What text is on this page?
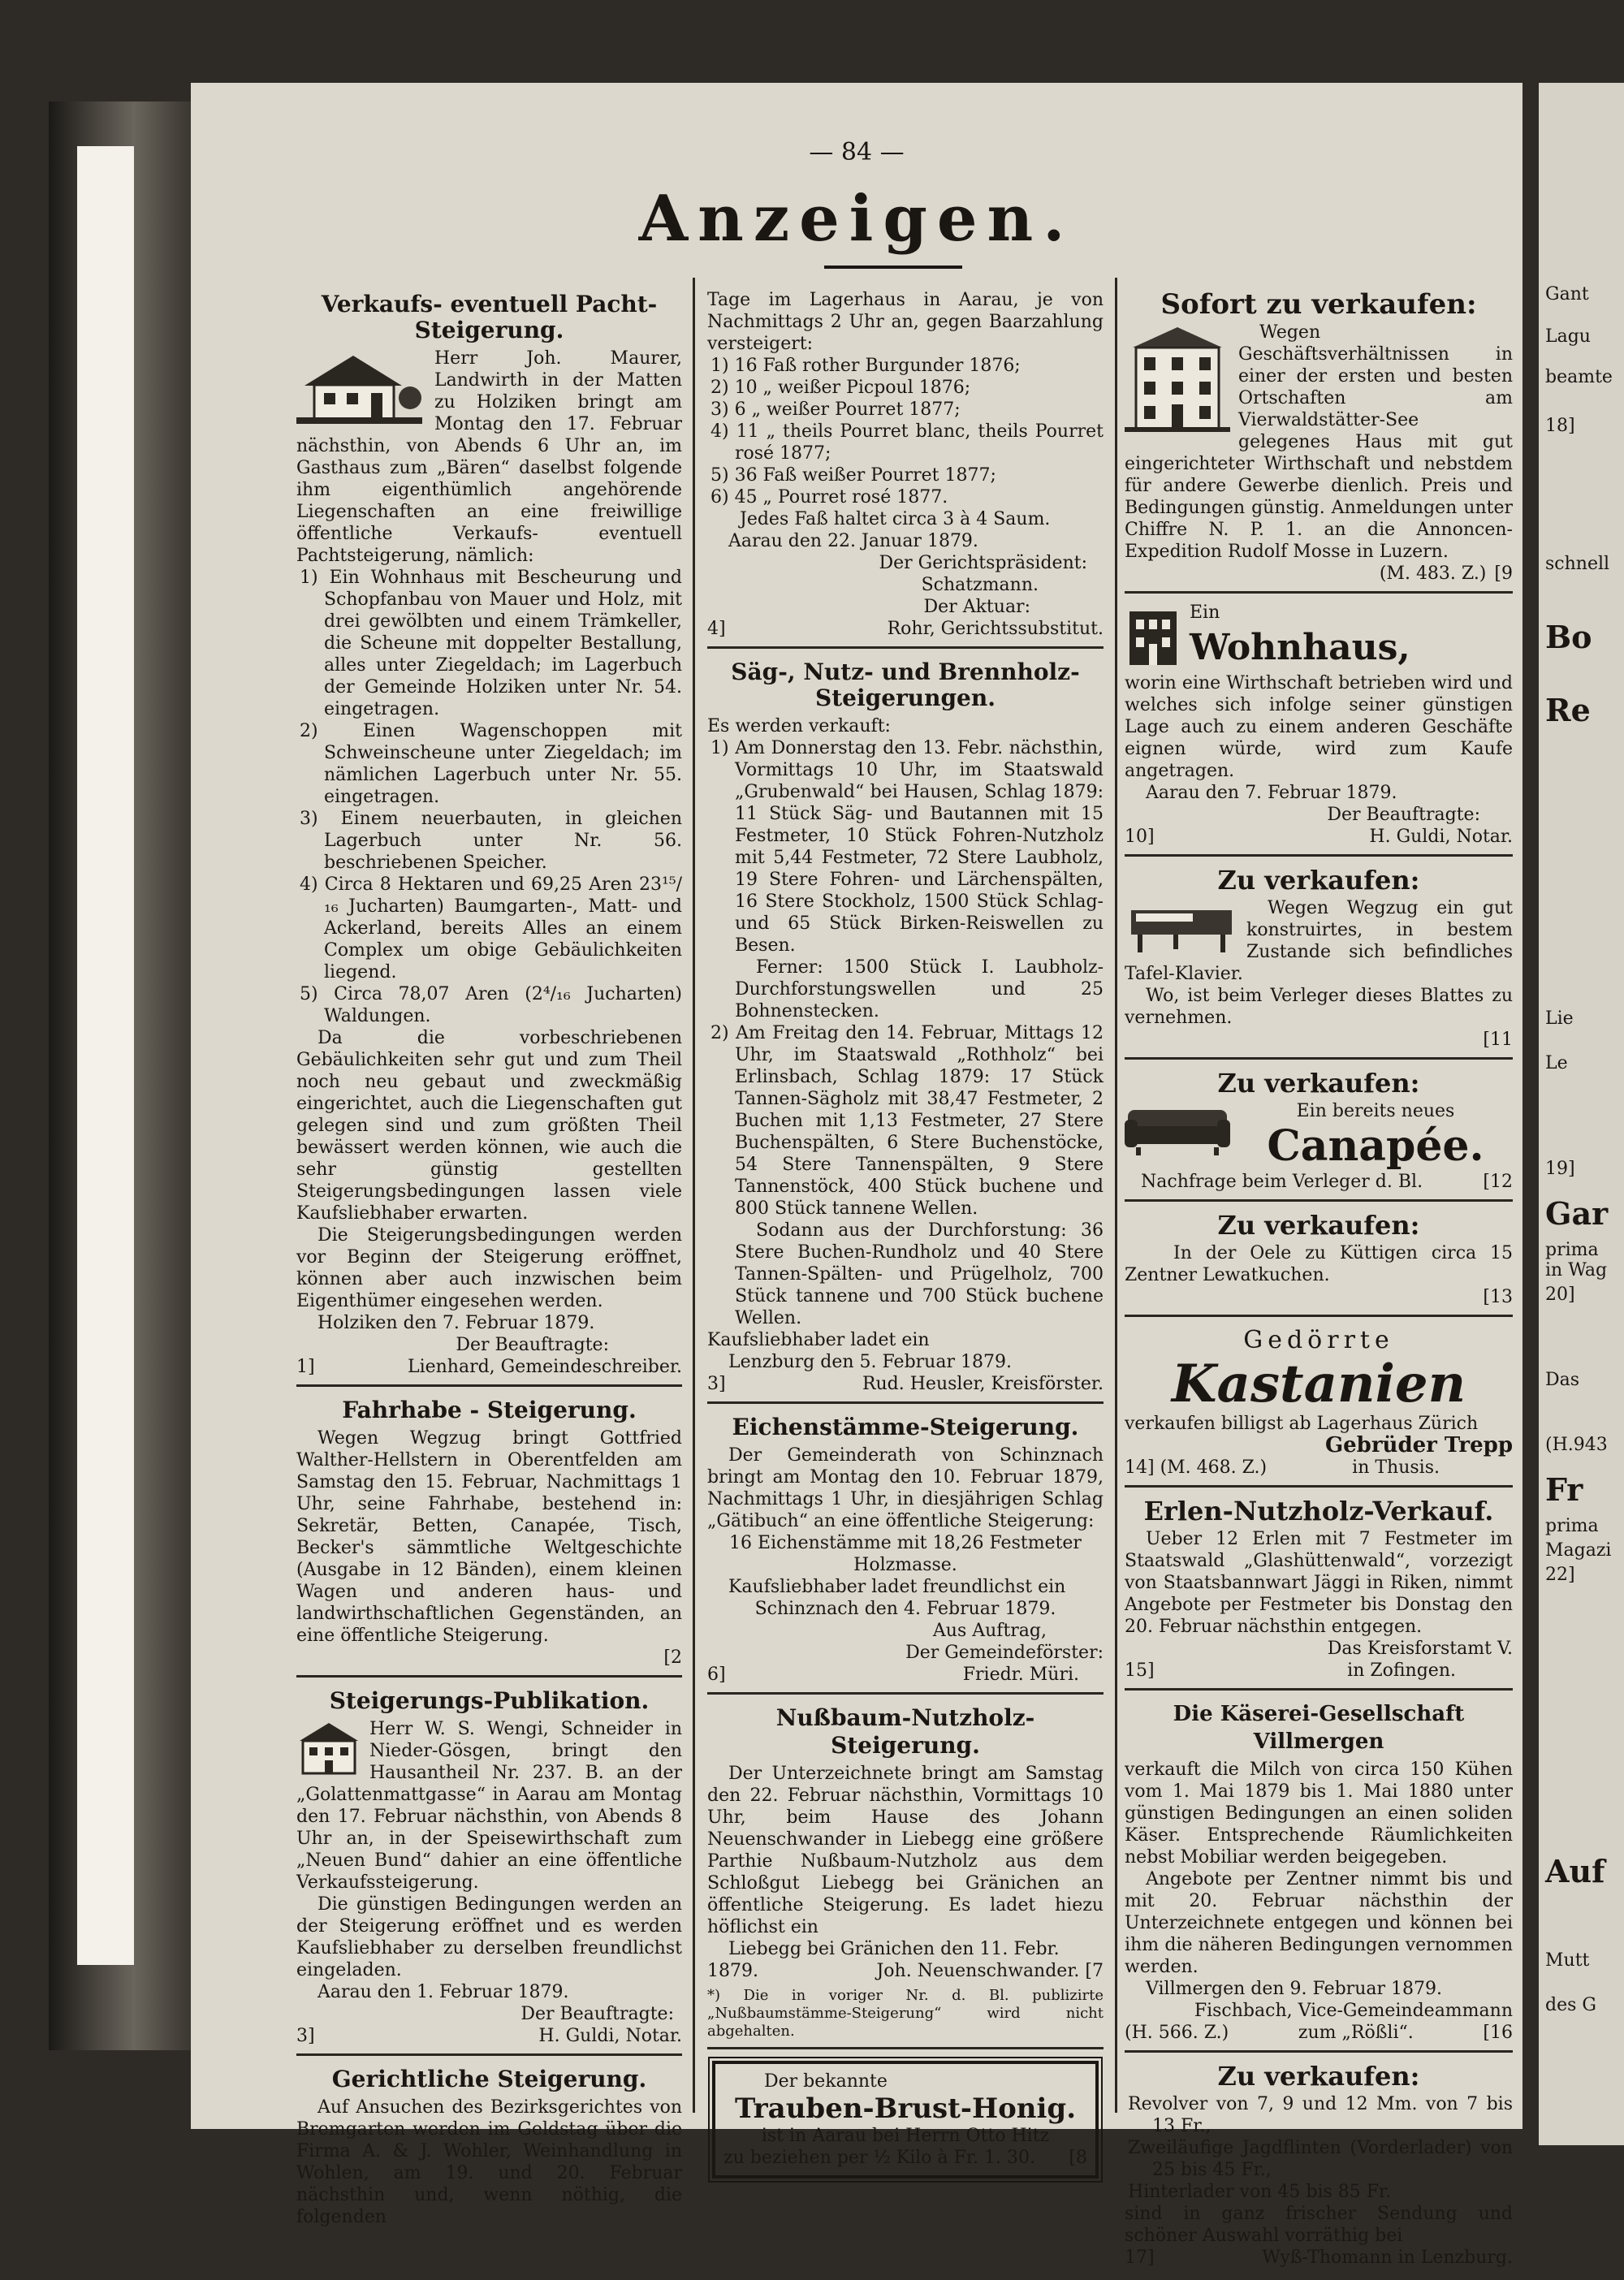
— 84 —
Anzeigen.
Verkaufs- eventuell Pacht-
Steigerung.

Herr Joh. Maurer, Landwirth in der Matten zu Holziken bringt am Montag den 17. Februar nächsthin, von Abends 6 Uhr an, im Gasthaus zum „Bären“ daselbst folgende ihm eigenthümlich angehörende Liegenschaften an eine freiwillige öffentliche Verkaufs- eventuell Pachtsteigerung, nämlich:

1) Ein Wohnhaus mit Bescheurung und Schopfanbau von Mauer und Holz, mit drei gewölbten und einem Trämkeller, die Scheune mit doppelter Bestallung, alles unter Ziegeldach; im Lagerbuch der Gemeinde Holziken unter Nr. 54. eingetragen.

2) Einen Wagenschoppen mit Schweinscheune unter Ziegeldach; im nämlichen Lagerbuch unter Nr. 55. eingetragen.

3) Einem neuerbauten, in gleichen Lagerbuch unter Nr. 56. beschriebenen Speicher.

4) Circa 8 Hektaren und 69,25 Aren 23¹⁵/₁₆ Jucharten) Baumgarten-, Matt- und Ackerland, bereits Alles an einem Complex um obige Gebäulichkeiten liegend.

5) Circa 78,07 Aren (2⁴/₁₆ Jucharten) Waldungen.

Da die vorbeschriebenen Gebäulichkeiten sehr gut und zum Theil noch neu gebaut und zweckmäßig eingerichtet, auch die Liegenschaften gut gelegen sind und zum größten Theil bewässert werden können, wie auch die sehr günstig gestellten Steigerungsbedingungen lassen viele Kaufsliebhaber erwarten.

Die Steigerungsbedingungen werden vor Beginn der Steigerung eröffnet, können aber auch inzwischen beim Eigenthümer eingesehen werden.

Holziken den 7. Februar 1879.

Der Beauftragte:

1]	Lienhard, Gemeindeschreiber.

Fahrhabe - Steigerung.

Wegen Wegzug bringt Gottfried Walther-Hellstern in Oberentfelden am Samstag den 15. Februar, Nachmittags 1 Uhr, seine Fahrhabe, bestehend in: Sekretär, Betten, Canapée, Tisch, Becker's sämmtliche Weltgeschichte (Ausgabe in 12 Bänden), einem kleinen Wagen und anderen haus- und landwirthschaftlichen Gegenständen, an eine öffentliche Steigerung.

[2

Steigerungs-Publikation.

Herr W. S. Wengi, Schneider in Nieder-Gösgen, bringt den Hausantheil Nr. 237. B. an der „Golattenmattgasse“ in Aarau am Montag den 17. Februar nächsthin, von Abends 8 Uhr an, in der Speisewirthschaft zum „Neuen Bund“ dahier an eine öffentliche Verkaufssteigerung.

Die günstigen Bedingungen werden an der Steigerung eröffnet und es werden Kaufsliebhaber zu derselben freundlichst eingeladen.

Aarau den 1. Februar 1879.

Der Beauftragte:

3]	H. Guldi, Notar.

Gerichtliche Steigerung.

Auf Ansuchen des Bezirksgerichtes von Bremgarten werden im Geldstag über die Firma A. & J. Wohler, Weinhandlung in Wohlen, am 19. und 20. Februar nächsthin und, wenn nöthig, die folgenden

Tage im Lagerhaus in Aarau, je von Nachmittags 2 Uhr an, gegen Baarzahlung versteigert:

1) 16 Faß rother Burgunder 1876;

2) 10 „ weißer Picpoul 1876;

3) 6 „ weißer Pourret 1877;

4) 11 „ theils Pourret blanc, theils Pourret rosé 1877;

5) 36 Faß weißer Pourret 1877;

6) 45 „ Pourret rosé 1877.

Jedes Faß haltet circa 3 à 4 Saum.

Aarau den 22. Januar 1879.

Der Gerichtspräsident:

Schatzmann.

Der Aktuar:

4]	Rohr, Gerichtssubstitut.

Säg-, Nutz- und Brennholz-
Steigerungen.

Es werden verkauft:

1) Am Donnerstag den 13. Febr. nächsthin, Vormittags 10 Uhr, im Staatswald „Grubenwald“ bei Hausen, Schlag 1879: 11 Stück Säg- und Bautannen mit 15 Festmeter, 10 Stück Fohren-Nutzholz mit 5,44 Festmeter, 72 Stere Laubholz, 19 Stere Fohren- und Lärchenspälten, 16 Stere Stockholz, 1500 Stück Schlag- und 65 Stück Birken-Reiswellen zu Besen.

Ferner: 1500 Stück I. Laubholz-Durchforstungswellen und 25 Bohnenstecken.

2) Am Freitag den 14. Februar, Mittags 12 Uhr, im Staatswald „Rothholz“ bei Erlinsbach, Schlag 1879: 17 Stück Tannen-Sägholz mit 38,47 Festmeter, 2 Buchen mit 1,13 Festmeter, 27 Stere Buchenspälten, 6 Stere Buchenstöcke, 54 Stere Tannenspälten, 9 Stere Tannenstöck, 400 Stück buchene und 800 Stück tannene Wellen.

Sodann aus der Durchforstung: 36 Stere Buchen-Rundholz und 40 Stere Tannen-Spälten- und Prügelholz, 700 Stück tannene und 700 Stück buchene Wellen.

Kaufsliebhaber ladet ein

Lenzburg den 5. Februar 1879.

3]	Rud. Heusler, Kreisförster.

Eichenstämme-Steigerung.

Der Gemeinderath von Schinznach bringt am Montag den 10. Februar 1879, Nachmittags 1 Uhr, in diesjährigen Schlag „Gätibuch“ an eine öffentliche Steigerung:

16 Eichenstämme mit 18,26 Festmeter Holzmasse.

Kaufsliebhaber ladet freundlichst ein

Schinznach den 4. Februar 1879.

Aus Auftrag,

Der Gemeindeförster:

6]	Friedr. Müri.

Nußbaum-Nutzholz-Steigerung.

Der Unterzeichnete bringt am Samstag den 22. Februar nächsthin, Vormittags 10 Uhr, beim Hause des Johann Neuenschwander in Liebegg eine größere Parthie Nußbaum-Nutzholz aus dem Schloßgut Liebegg bei Gränichen an öffentliche Steigerung. Es ladet hiezu höflichst ein

Liebegg bei Gränichen den 11. Febr.

1879.	Joh. Neuenschwander. [7

*) Die in voriger Nr. d. Bl. publizirte „Nußbaumstämme-Steigerung“ wird nicht abgehalten.

Der bekannte

Trauben-Brust-Honig.

ist in Aarau bei Herrn Otto Hitz

zu beziehen per ½ Kilo à Fr. 1. 30. [8

Sofort zu verkaufen:

Wegen Geschäftsverhältnissen in einer der ersten und besten Ortschaften am Vierwaldstätter-See gelegenes Haus mit gut eingerichteter Wirthschaft und nebstdem für andere Gewerbe dienlich. Preis und Bedingungen günstig. Anmeldungen unter Chiffre N. P. 1. an die Annoncen-Expedition Rudolf Mosse in Luzern.

(M. 483. Z.) [9

Ein

Wohnhaus,

worin eine Wirthschaft betrieben wird und welches sich infolge seiner günstigen Lage auch zu einem anderen Geschäfte eignen würde, wird zum Kaufe angetragen.

Aarau den 7. Februar 1879.

Der Beauftragte:

10]	H. Guldi, Notar.

Zu verkaufen:

Wegen Wegzug ein gut konstruirtes, in bestem Zustande sich befindliches Tafel-Klavier.

Wo, ist beim Verleger dieses Blattes zu vernehmen.

[11

Zu verkaufen:

Ein bereits neues

Canapée.

Nachfrage beim Verleger d. Bl.	[12

Zu verkaufen:

In der Oele zu Küttigen circa 15 Zentner Lewatkuchen.

[13

Gedörrte

Kastanien

verkaufen billigst ab Lagerhaus Zürich

Gebrüder Trepp

14] (M. 468. Z.)	in Thusis.

Erlen-Nutzholz-Verkauf.

Ueber 12 Erlen mit 7 Festmeter im Staatswald „Glashüttenwald“, vorzezigt von Staatsbannwart Jäggi in Riken, nimmt Angebote per Festmeter bis Donstag den 20. Februar nächsthin entgegen.

Das Kreisforstamt V.

15]	in Zofingen.

Die Käserei-Gesellschaft Villmergen

verkauft die Milch von circa 150 Kühen vom 1. Mai 1879 bis 1. Mai 1880 unter günstigen Bedingungen an einen soliden Käser. Entsprechende Räumlichkeiten nebst Mobiliar werden beigegeben.

Angebote per Zentner nimmt bis und mit 20. Februar nächsthin der Unterzeichnete entgegen und können bei ihm die näheren Bedingungen vernommen werden.

Villmergen den 9. Februar 1879.

Fischbach, Vice-Gemeindeammann

(H. 566. Z.)	zum „Rößli“.	[16

Zu verkaufen:

Revolver von 7, 9 und 12 Mm. von 7 bis 13 Fr.,

Zweiläufige Jagdflinten (Vorderlader) von 25 bis 45 Fr.,

Hinterlader von 45 bis 85 Fr.

sind in ganz frischer Sendung und schöner Auswahl vorräthig bei

17]	Wyß-Thomann in Lenzburg.

Gant
Lagu
beamte
18]
schnell
Bo
Re
Lie
Le
19]
Gar
prima
in Wag
20]
Das
(H.943
Fr
prima
Magazi
22]
Auf
Mutt
des G
